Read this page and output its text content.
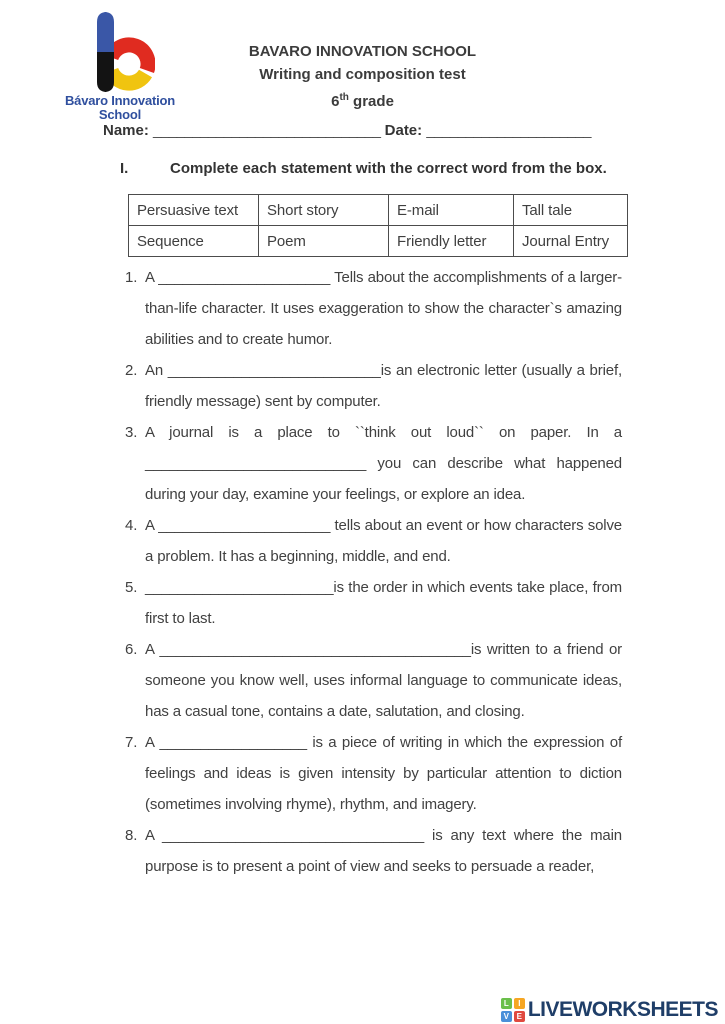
Bávaro Innovation
School
BAVARO INNOVATION SCHOOL
Writing and composition test
6th grade
Name: _____________________________ Date: _____________________
I.	Complete each statement with the correct word from the box.
Persuasive text	Short story	E-mail	Tall tale
Sequence	Poem	Friendly letter	Journal Entry
1. A _____________________ Tells about the accomplishments of a larger-than-life character. It uses exaggeration to show the character`s amazing abilities and to create humor.
2. An __________________________is an electronic letter (usually a brief, friendly message) sent by computer.
3. A journal is a place to ``think out loud`` on paper. In a ___________________________ you can describe what happened during your day, examine your feelings, or explore an idea.
4. A _____________________ tells about an event or how characters solve a problem. It has a beginning, middle, and end.
5. _______________________is the order in which events take place, from first to last.
6. A ______________________________________is written to a friend or someone you know well, uses informal language to communicate ideas, has a casual tone, contains a date, salutation, and closing.
7. A __________________ is a piece of writing in which the expression of feelings and ideas is given intensity by particular attention to diction (sometimes involving rhyme), rhythm, and imagery.
8. A ________________________________ is any text where the main purpose is to present a point of view and seeks to persuade a reader,
L	I
V E LIVEWORKSHEETS
